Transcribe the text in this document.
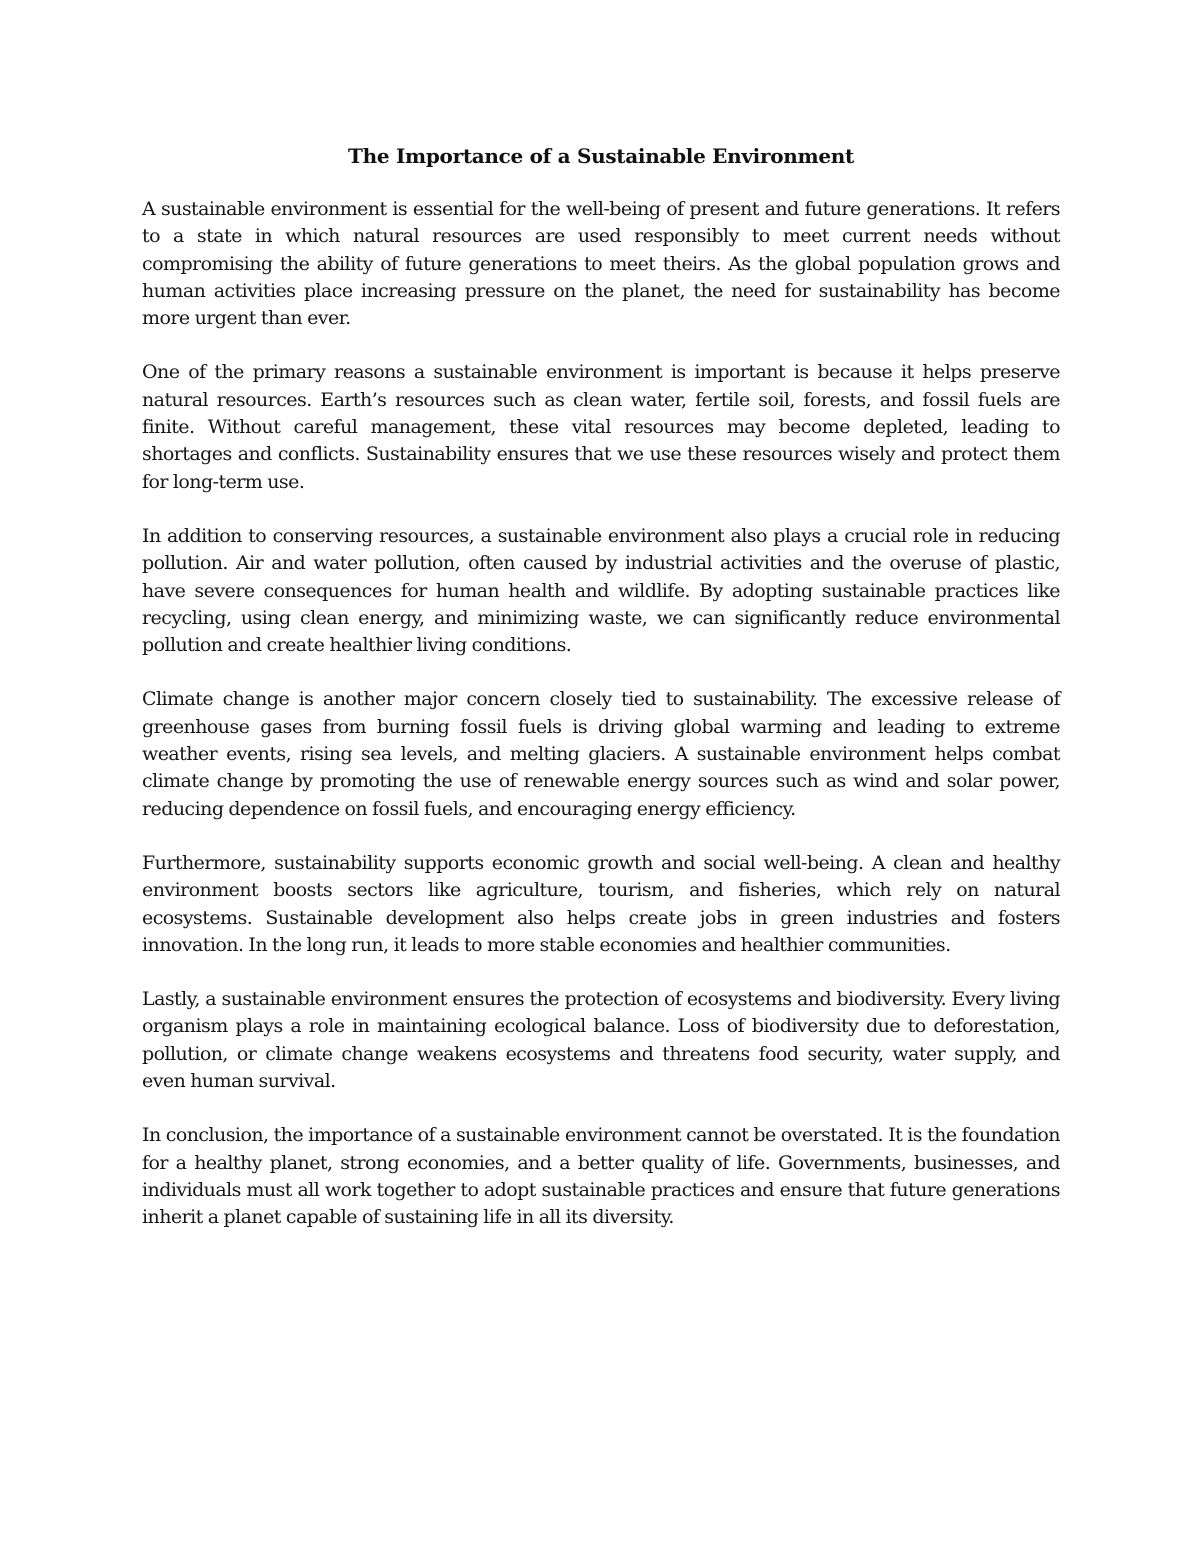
The Importance of a Sustainable Environment

A sustainable environment is essential for the well-being of present and future generations. It refers to a state in which natural resources are used responsibly to meet current needs without compromising the ability of future generations to meet theirs. As the global population grows and human activities place increasing pressure on the planet, the need for sustainability has become more urgent than ever.

One of the primary reasons a sustainable environment is important is because it helps preserve natural resources. Earth’s resources such as clean water, fertile soil, forests, and fossil fuels are finite. Without careful management, these vital resources may become depleted, leading to shortages and conflicts. Sustainability ensures that we use these resources wisely and protect them for long-term use.

In addition to conserving resources, a sustainable environment also plays a crucial role in reducing pollution. Air and water pollution, often caused by industrial activities and the overuse of plastic, have severe consequences for human health and wildlife. By adopting sustainable practices like recycling, using clean energy, and minimizing waste, we can significantly reduce environmental pollution and create healthier living conditions.

Climate change is another major concern closely tied to sustainability. The excessive release of greenhouse gases from burning fossil fuels is driving global warming and leading to extreme weather events, rising sea levels, and melting glaciers. A sustainable environment helps combat climate change by promoting the use of renewable energy sources such as wind and solar power, reducing dependence on fossil fuels, and encouraging energy efficiency.

Furthermore, sustainability supports economic growth and social well-being. A clean and healthy environment boosts sectors like agriculture, tourism, and fisheries, which rely on natural ecosystems. Sustainable development also helps create jobs in green industries and fosters innovation. In the long run, it leads to more stable economies and healthier communities.

Lastly, a sustainable environment ensures the protection of ecosystems and biodiversity. Every living organism plays a role in maintaining ecological balance. Loss of biodiversity due to deforestation, pollution, or climate change weakens ecosystems and threatens food security, water supply, and even human survival.

In conclusion, the importance of a sustainable environment cannot be overstated. It is the foundation for a healthy planet, strong economies, and a better quality of life. Governments, businesses, and individuals must all work together to adopt sustainable practices and ensure that future generations inherit a planet capable of sustaining life in all its diversity.
